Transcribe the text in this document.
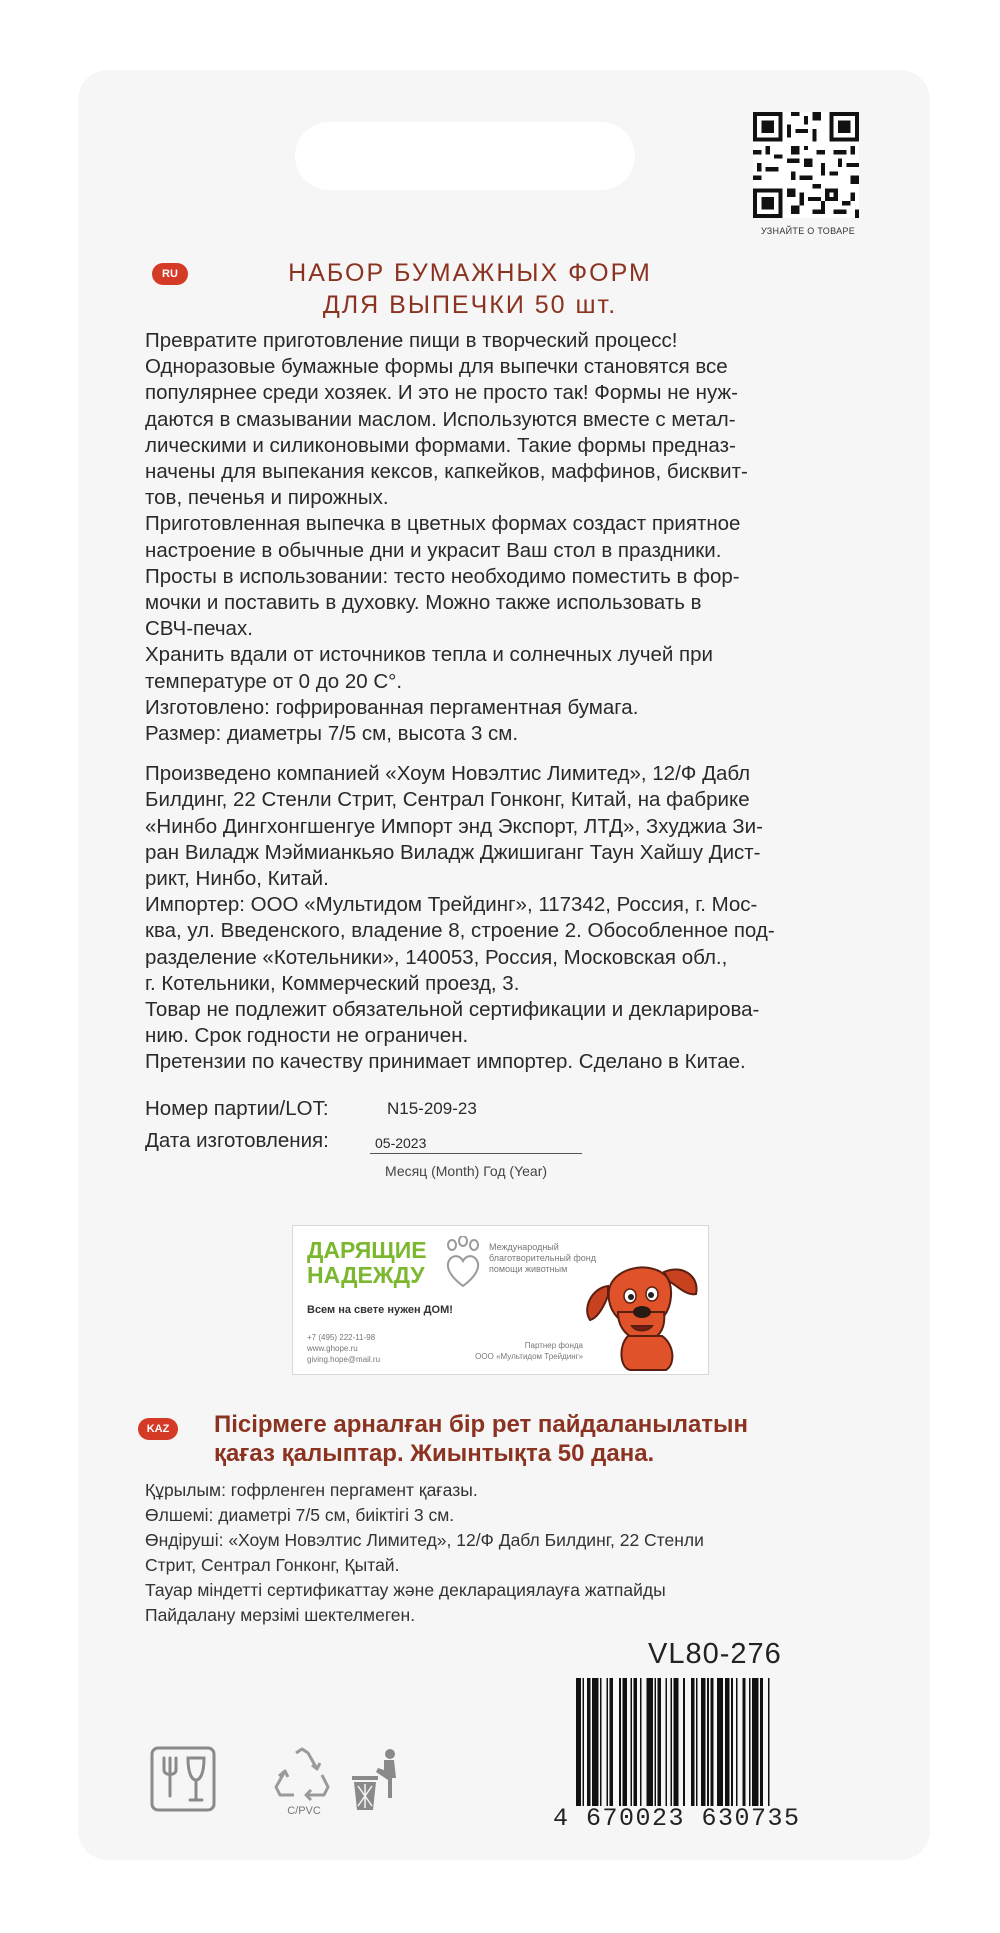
УЗНАЙТЕ О ТОВАРЕ
RU	НАБОР БУМАЖНЫХ ФОРМ
ДЛЯ ВЫПЕЧКИ 50 шт.

Превратите приготовление пищи в творческий процесс!

Одноразовые бумажные формы для выпечки становятся все

популярнее среди хозяек. И это не просто так! Формы не нуж-

даются в смазывании маслом. Используются вместе с метал-

лическими и силиконовыми формами. Такие формы предназ-

начены для выпекания кексов, капкейков, маффинов, бисквит-

тов, печенья и пирожных.

Приготовленная выпечка в цветных формах создаст приятное

настроение в обычные дни и украсит Ваш стол в праздники.

Просты в использовании: тесто необходимо поместить в фор-

мочки и поставить в духовку. Можно также использовать в

СВЧ-печах.

Хранить вдали от источников тепла и солнечных лучей при

температуре от 0 до 20 С°.

Изготовлено: гофрированная пергаментная бумага.

Размер: диаметры 7/5 см, высота 3 см.

Произведено компанией «Хоум Новэлтис Лимитед», 12/Ф Дабл

Билдинг, 22 Стенли Стрит, Сентрал Гонконг, Китай, на фабрике

«Нинбо Дингхонгшенгуе Импорт энд Экспорт, ЛТД», Зхуджиа Зи-

ран Виладж Мэймианкьяо Виладж Джишиганг Таун Хайшу Дист-

рикт, Нинбо, Китай.

Импортер: ООО «Мультидом Трейдинг», 117342, Россия, г. Мос-

ква, ул. Введенского, владение 8, строение 2. Обособленное под-

разделение «Котельники», 140053, Россия, Московская обл.,

г. Котельники, Коммерческий проезд, 3.

Товар не подлежит обязательной сертификации и декларирова-

нию. Срок годности не ограничен.

Претензии по качеству принимает импортер. Сделано в Китае.

Номер партии/LOT:	N15-209-23
Дата изготовления:	05-2023
Месяц (Month) Год (Year)
ДАРЯЩИЕ
НАДЕЖДУ
Международный благотворительный фонд помощи животным
Всем на свете нужен ДОМ!
+7 (495) 222-11-98
www.ghope.ru
giving.hope@mail.ru
Партнер фонда
ООО «Мультидом Трейдинг»
KAZ	Пісірмеге арналған бір рет пайдаланылатын
қағаз қалыптар. Жиынтықта 50 дана.

Құрылым: гофрленген пергамент қағазы.

Өлшемі: диаметрі 7/5 см, биіктігі 3 см.

Өндіруші: «Хоум Новэлтис Лимитед», 12/Ф Дабл Билдинг, 22 Стенли

Стрит, Сентрал Гонконг, Қытай.

Тауар міндетті сертификаттау және декларациялауға жатпайды

Пайдалану мерзімі шектелмеген.

VL80-276
4 670023 630735
C/PVC
